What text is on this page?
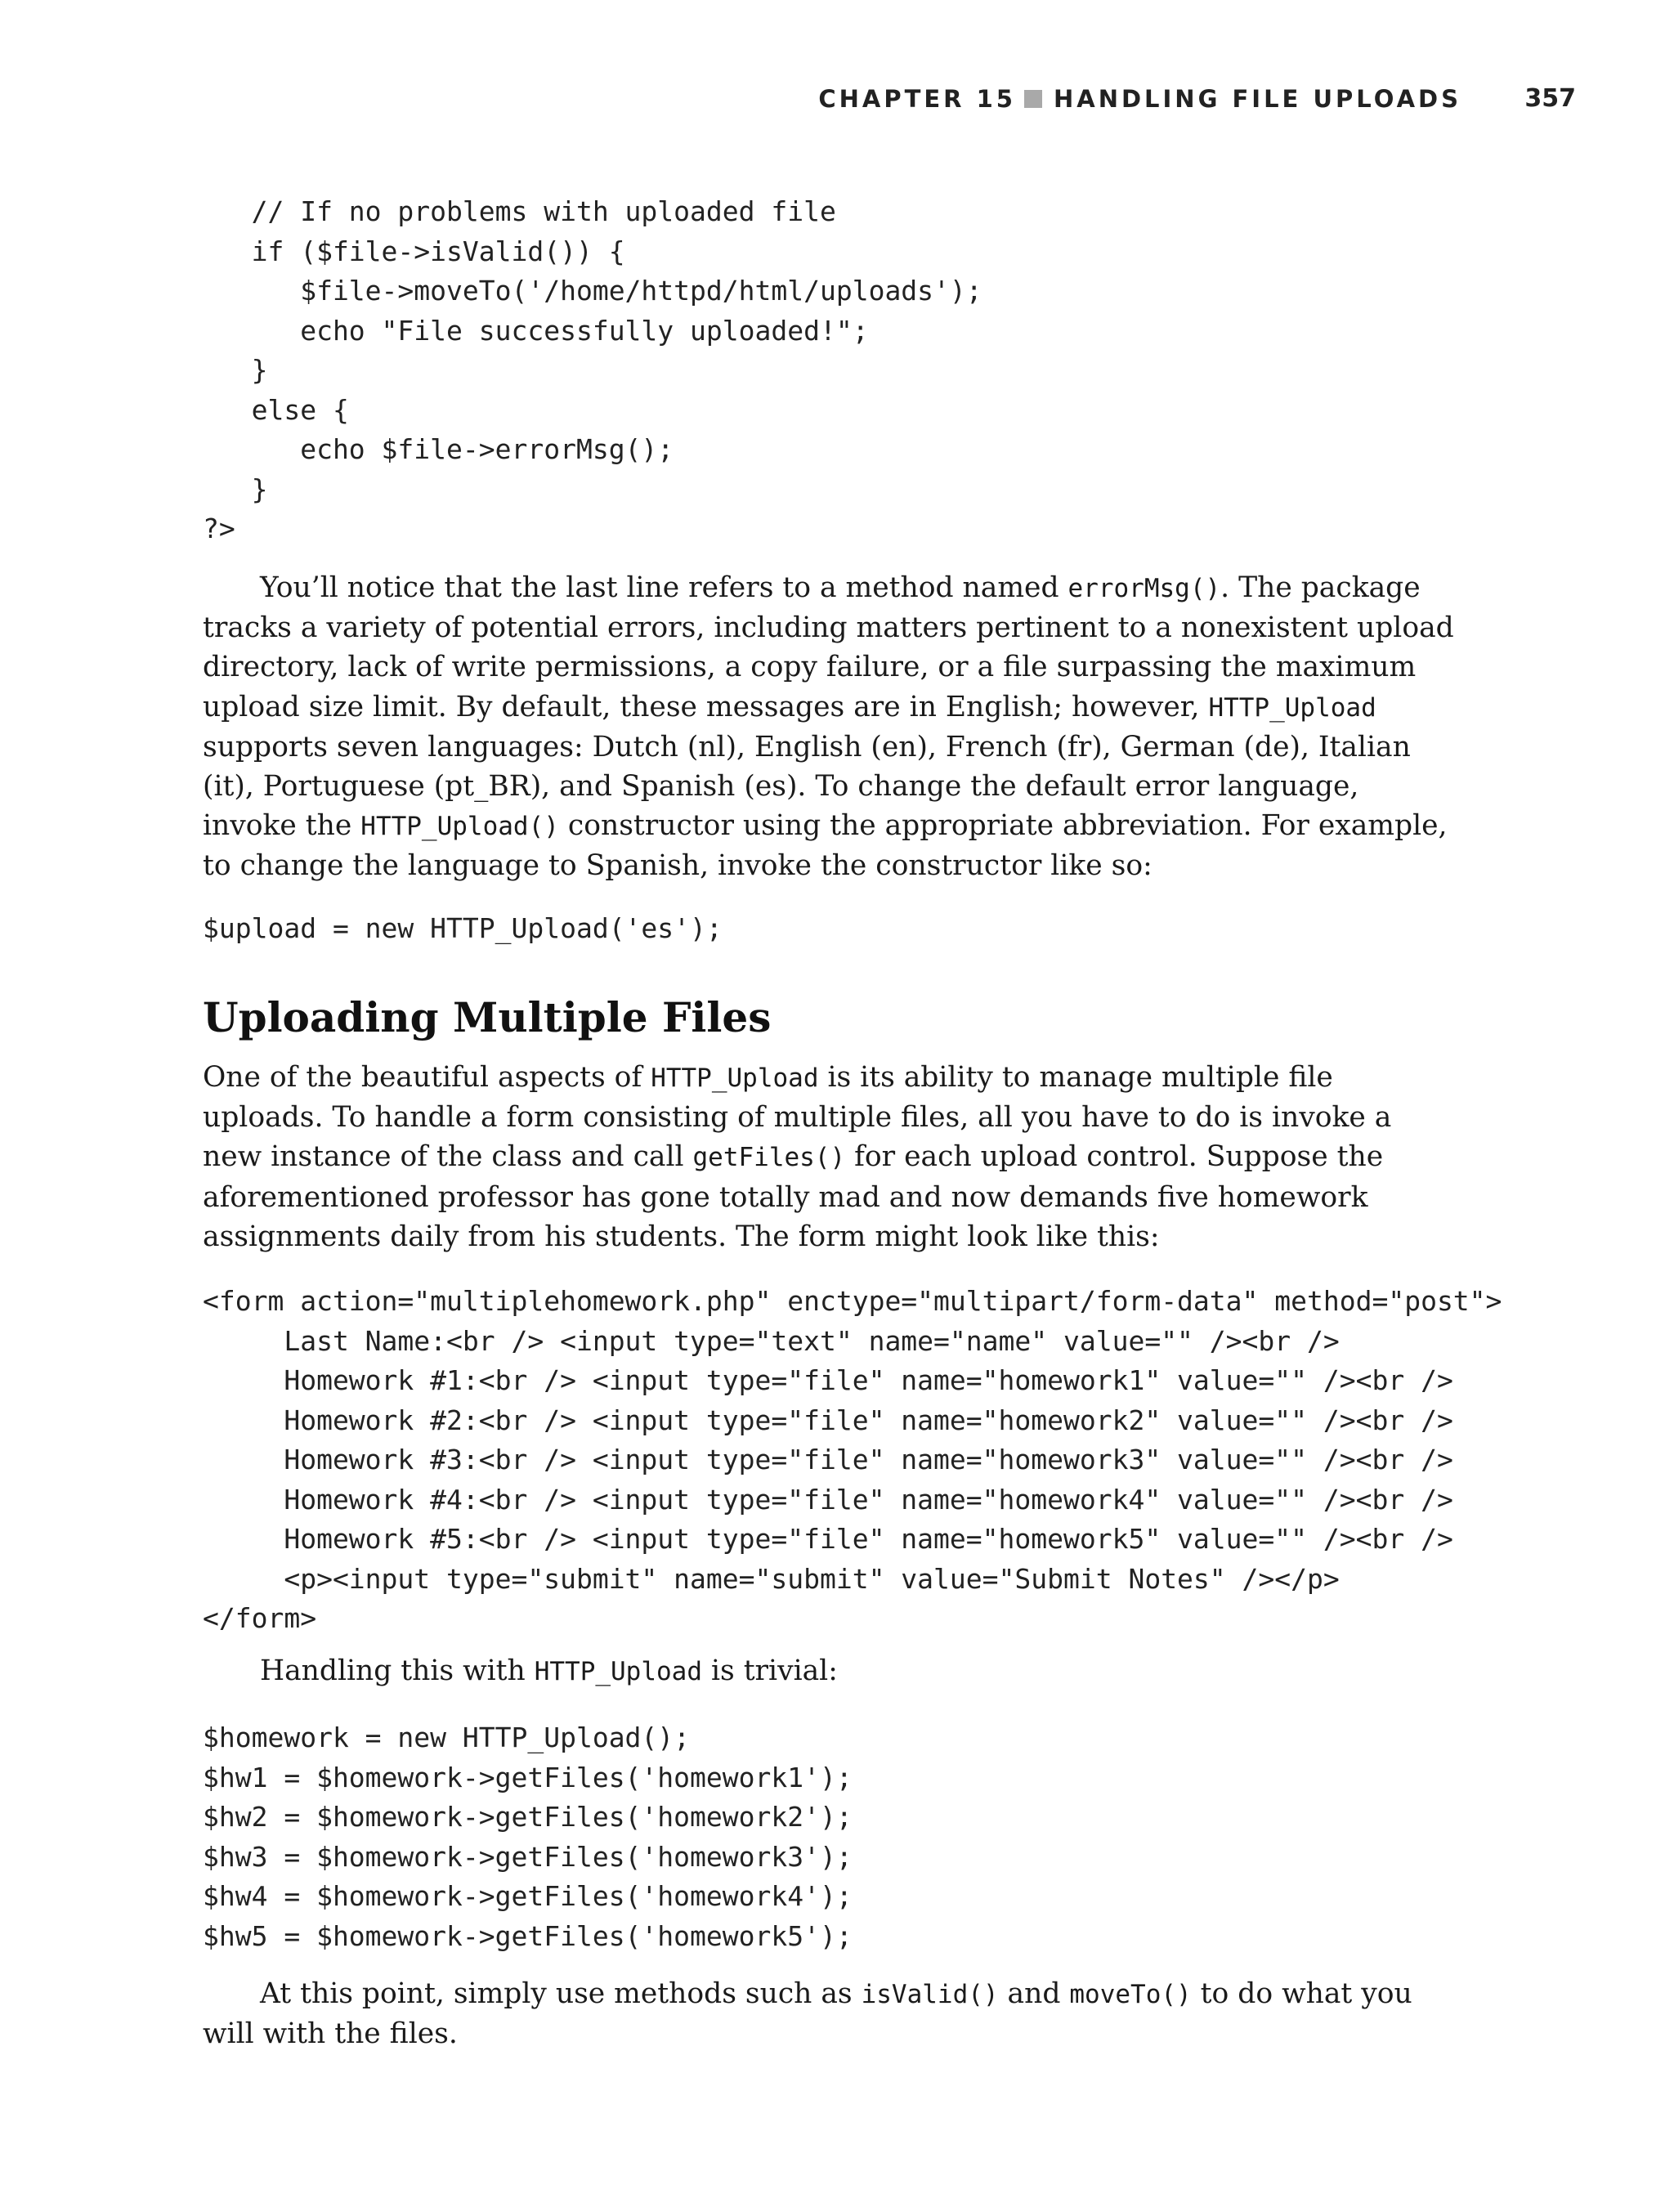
CHAPTER 15 HANDLING FILE UPLOADS	357
// If no problems with uploaded file
if ($file->isValid()) {
$file->moveTo('/home/httpd/html/uploads');
echo "File successfully uploaded!";
}
else {
echo $file->errorMsg();
}
?>

You’ll notice that the last line refers to a method named errorMsg(). The package tracks a variety of potential errors, including matters pertinent to a nonexistent upload directory, lack of write permissions, a copy failure, or a file surpassing the maximum upload size limit. By default, these messages are in English; however, HTTP_Upload supports seven languages: Dutch (nl), English (en), French (fr), German (de), Italian (it), Portuguese (pt_BR), and Spanish (es). To change the default error language, invoke the HTTP_Upload() constructor using the appropriate abbreviation. For example, to change the language to Spanish, invoke the constructor like so:

$upload = new HTTP_Upload('es');
Uploading Multiple Files

One of the beautiful aspects of HTTP_Upload is its ability to manage multiple file uploads. To handle a form consisting of multiple files, all you have to do is invoke a new instance of the class and call getFiles() for each upload control. Suppose the aforementioned professor has gone totally mad and now demands five homework assignments daily from his students. The form might look like this:

<form action="multiplehomework.php" enctype="multipart/form-data" method="post">
Last Name:<br /> <input type="text" name="name" value="" /><br />
Homework #1:<br /> <input type="file" name="homework1" value="" /><br />
Homework #2:<br /> <input type="file" name="homework2" value="" /><br />
Homework #3:<br /> <input type="file" name="homework3" value="" /><br />
Homework #4:<br /> <input type="file" name="homework4" value="" /><br />
Homework #5:<br /> <input type="file" name="homework5" value="" /><br />
<p><input type="submit" name="submit" value="Submit Notes" /></p>
</form>

Handling this with HTTP_Upload is trivial:

$homework = new HTTP_Upload();
$hw1 = $homework->getFiles('homework1');
$hw2 = $homework->getFiles('homework2');
$hw3 = $homework->getFiles('homework3');
$hw4 = $homework->getFiles('homework4');
$hw5 = $homework->getFiles('homework5');

At this point, simply use methods such as isValid() and moveTo() to do what you will with the files.
